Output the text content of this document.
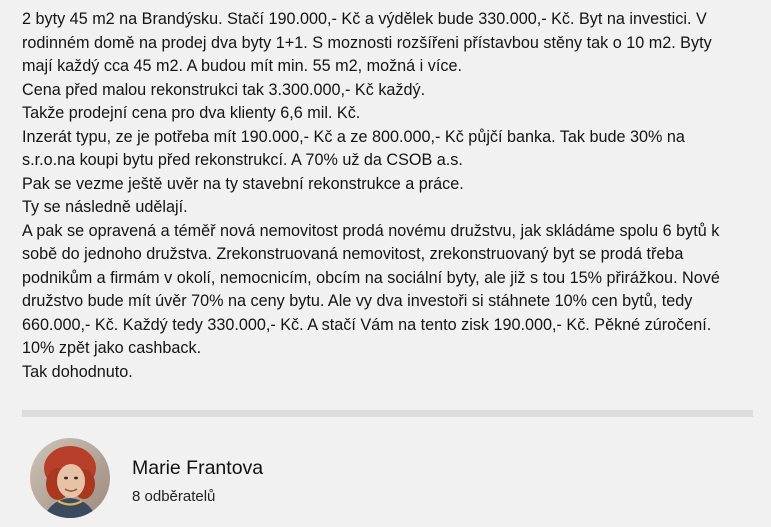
2 byty 45 m2 na Brandýsku. Stačí 190.000,- Kč a výdělek bude 330.000,- Kč. Byt na investici. V
rodinném domě na prodej dva byty 1+1. S moznosti rozšířeni přístavbou stěny tak o 10 m2. Byty
mají každý cca 45 m2. A budou mít min. 55 m2, možná i více.
Cena před malou rekonstrukci tak 3.300.000,- Kč každý.
Takže prodejní cena pro dva klienty 6,6 mil. Kč.
Inzerát typu, ze je potřeba mít 190.000,- Kč a ze 800.000,- Kč půjčí banka. Tak bude 30% na
s.r.o.na koupi bytu před rekonstrukcí. A 70% už da CSOB a.s.
Pak se vezme ještě uvěr na ty stavební rekonstrukce a práce.
Ty se následně udělají.
A pak se opravená a téměř nová nemovitost prodá novému družstvu, jak skládáme spolu 6 bytů k
sobě do jednoho družstva. Zrekonstruovaná nemovitost, zrekonstruovaný byt se prodá třeba
podnikům a firmám v okolí, nemocnicím, obcím na sociální byty, ale již s tou 15% přirážkou. Nové
družstvo bude mít úvěr 70% na ceny bytu. Ale vy dva investoři si stáhnete 10% cen bytů, tedy
660.000,- Kč. Každý tedy 330.000,- Kč. A stačí Vám na tento zisk 190.000,- Kč. Pěkné zúročení.
10% zpět jako cashback.
Tak dohodnuto.
Marie Frantova
8 odběratelů
